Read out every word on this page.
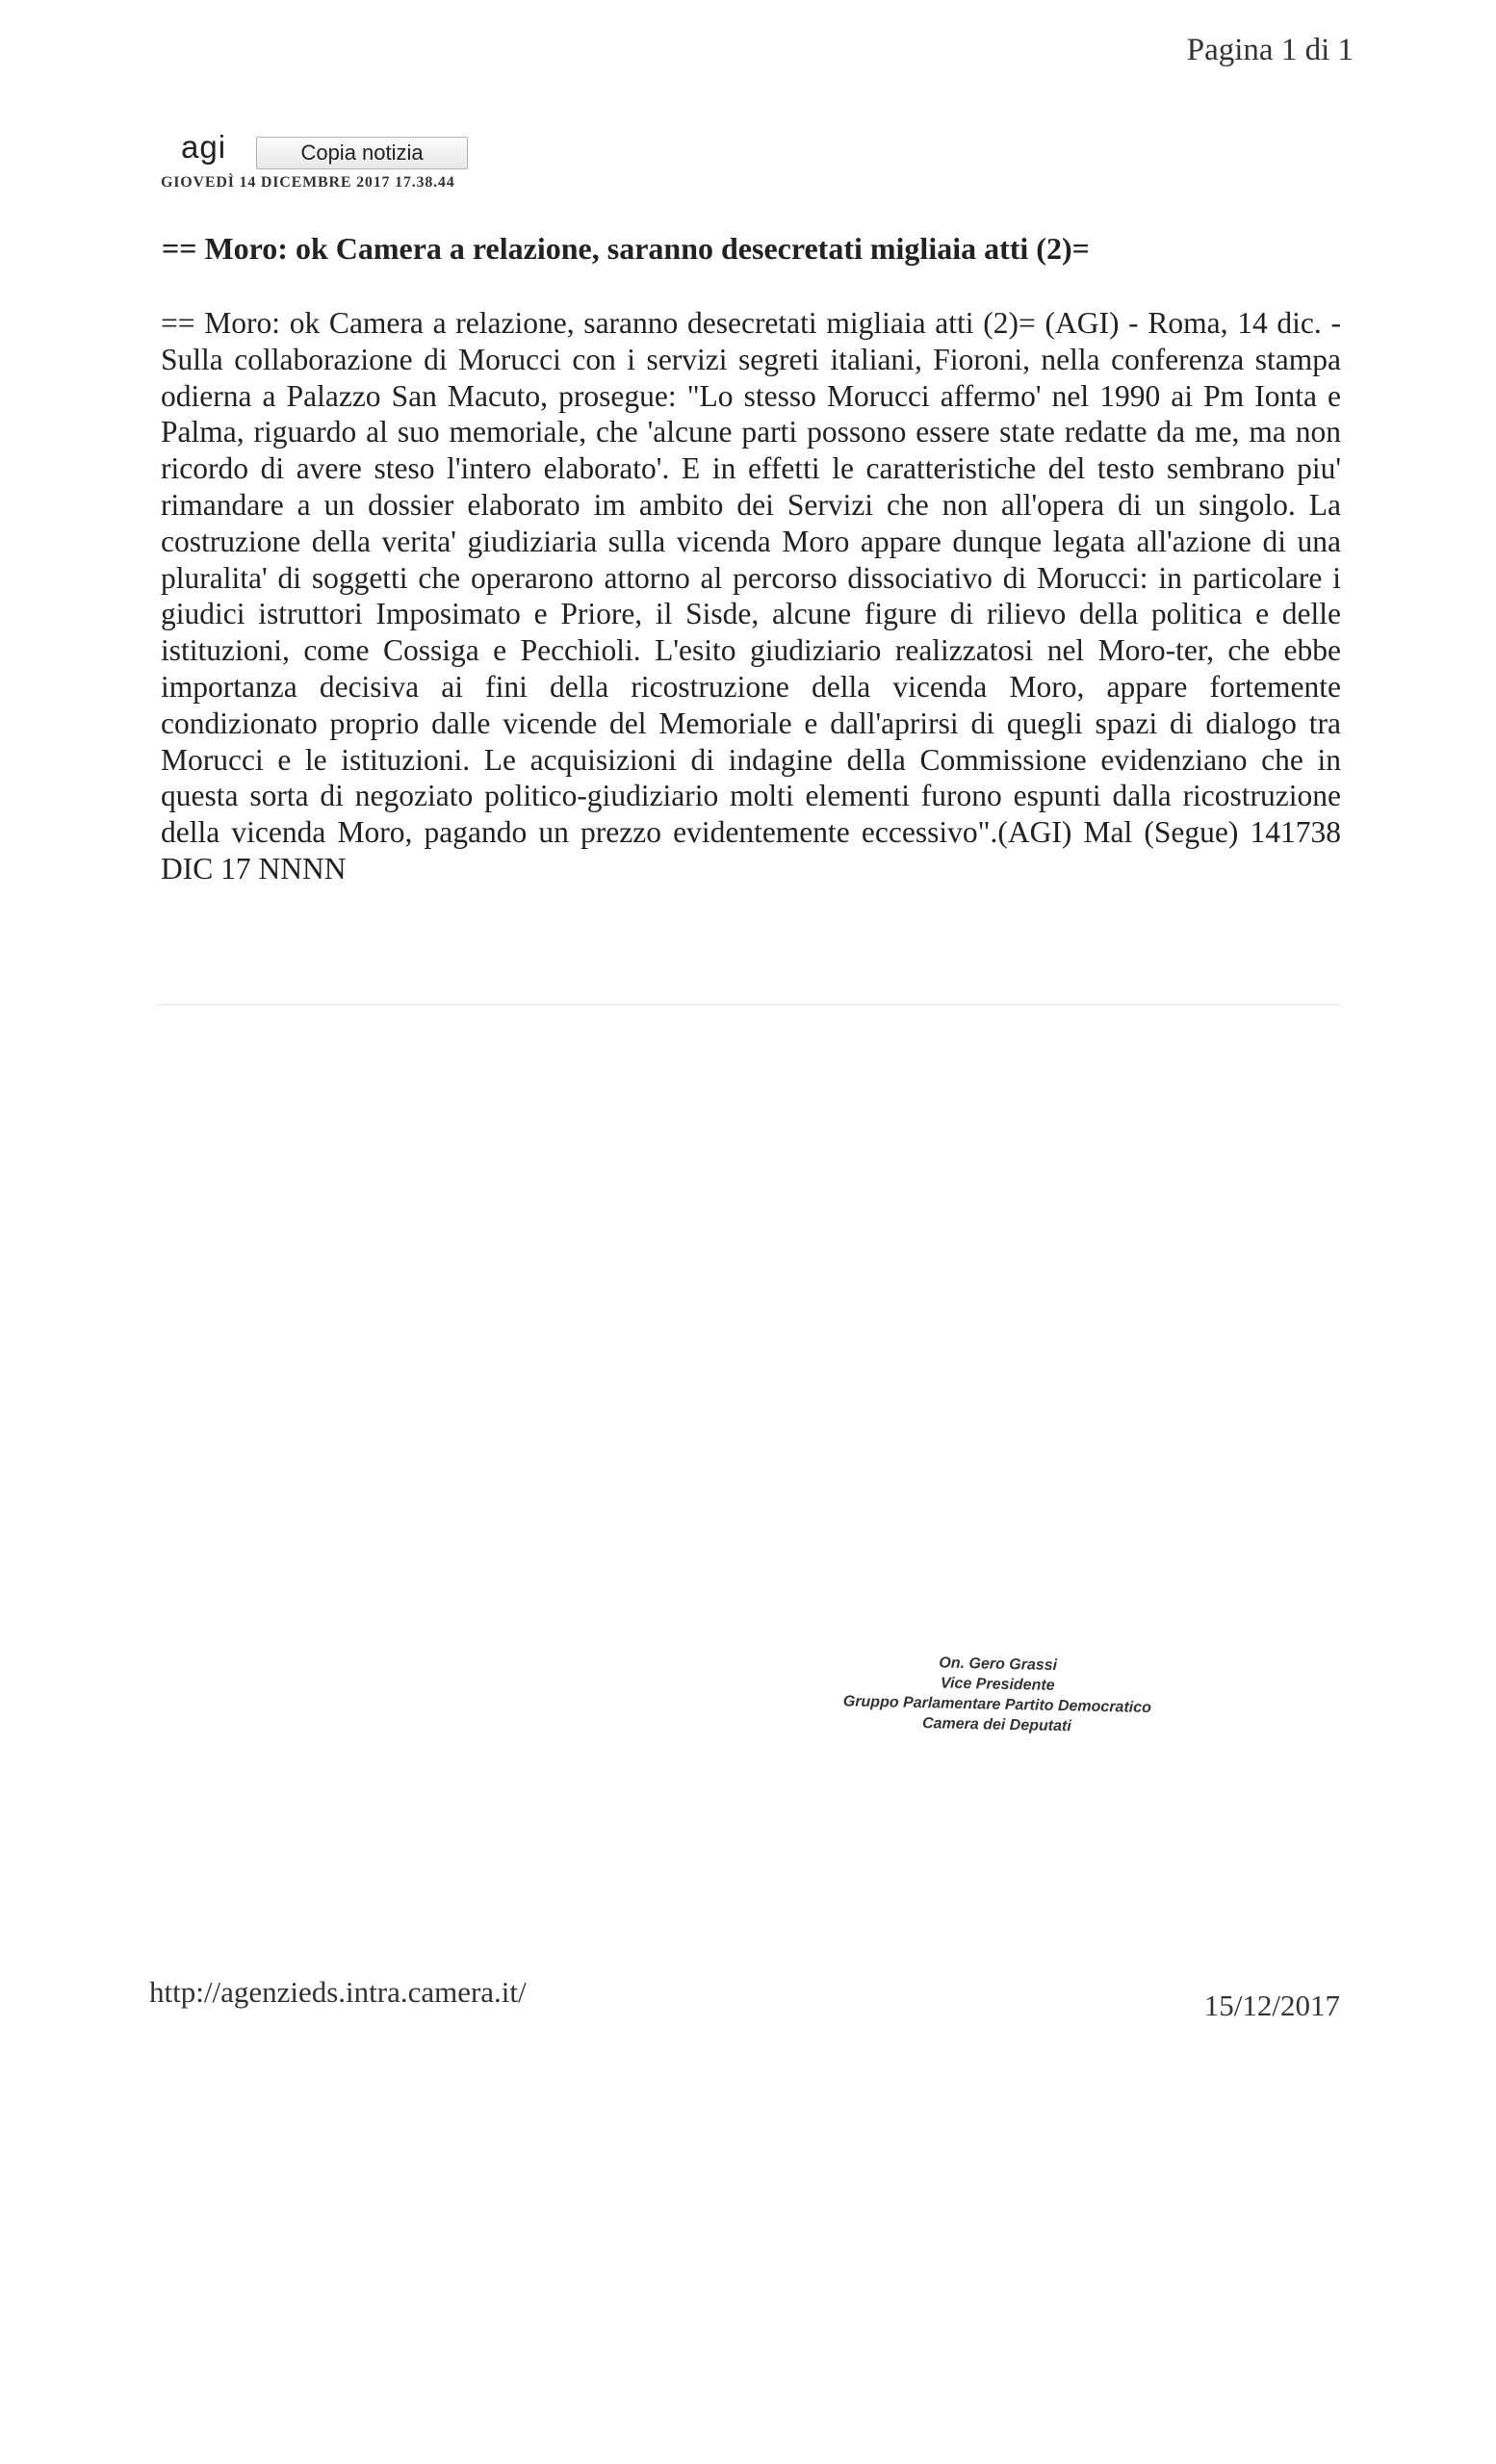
Pagina 1 di 1
agi	Copia notizia
GIOVEDÌ 14 DICEMBRE 2017 17.38.44
== Moro: ok Camera a relazione, saranno desecretati migliaia atti (2)=

== Moro: ok Camera a relazione, saranno desecretati migliaia atti (2)= (AGI) - Roma, 14 dic. - Sulla collaborazione di Morucci con i servizi segreti italiani, Fioroni, nella conferenza stampa odierna a Palazzo San Macuto, prosegue: "Lo stesso Morucci affermo' nel 1990 ai Pm Ionta e Palma, riguardo al suo memoriale, che 'alcune parti possono essere state redatte da me, ma non ricordo di avere steso l'intero elaborato'. E in effetti le caratteristiche del testo sembrano piu' rimandare a un dossier elaborato im ambito dei Servizi che non all'opera di un singolo. La costruzione della verita' giudiziaria sulla vicenda Moro appare dunque legata all'azione di una pluralita' di soggetti che operarono attorno al percorso dissociativo di Morucci: in particolare i giudici istruttori Imposimato e Priore, il Sisde, alcune figure di rilievo della politica e delle istituzioni, come Cossiga e Pecchioli. L'esito giudiziario realizzatosi nel Moro-ter, che ebbe importanza decisiva ai fini della ricostruzione della vicenda Moro, appare fortemente condizionato proprio dalle vicende del Memoriale e dall'aprirsi di quegli spazi di dialogo tra Morucci e le istituzioni. Le acquisizioni di indagine della Commissione evidenziano che in questa sorta di negoziato politico-giudiziario molti elementi furono espunti dalla ricostruzione della vicenda Moro, pagando un prezzo evidentemente eccessivo".(AGI) Mal (Segue) 141738 DIC 17 NNNN

On. Gero Grassi
Vice Presidente
Gruppo Parlamentare Partito Democratico
Camera dei Deputati
http://agenzieds.intra.camera.it/	15/12/2017
